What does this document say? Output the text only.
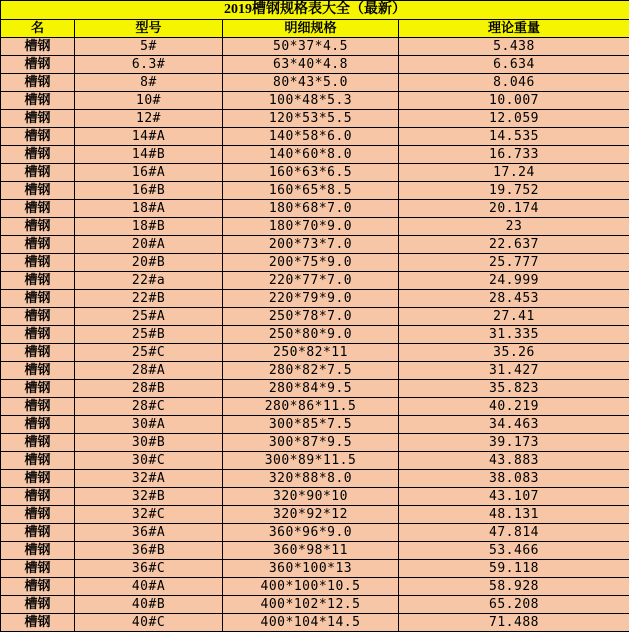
2019槽钢规格表大全（最新）			
名	型号	明细规格	理论重量
槽钢	5#	50*37*4.5	5.438
槽钢	6.3#	63*40*4.8	6.634
槽钢	8#	80*43*5.0	8.046
槽钢	10#	100*48*5.3	10.007
槽钢	12#	120*53*5.5	12.059
槽钢	14#A	140*58*6.0	14.535
槽钢	14#B	140*60*8.0	16.733
槽钢	16#A	160*63*6.5	17.24
槽钢	16#B	160*65*8.5	19.752
槽钢	18#A	180*68*7.0	20.174
槽钢	18#B	180*70*9.0	23
槽钢	20#A	200*73*7.0	22.637
槽钢	20#B	200*75*9.0	25.777
槽钢	22#a	220*77*7.0	24.999
槽钢	22#B	220*79*9.0	28.453
槽钢	25#A	250*78*7.0	27.41
槽钢	25#B	250*80*9.0	31.335
槽钢	25#C	250*82*11	35.26
槽钢	28#A	280*82*7.5	31.427
槽钢	28#B	280*84*9.5	35.823
槽钢	28#C	280*86*11.5	40.219
槽钢	30#A	300*85*7.5	34.463
槽钢	30#B	300*87*9.5	39.173
槽钢	30#C	300*89*11.5	43.883
槽钢	32#A	320*88*8.0	38.083
槽钢	32#B	320*90*10	43.107
槽钢	32#C	320*92*12	48.131
槽钢	36#A	360*96*9.0	47.814
槽钢	36#B	360*98*11	53.466
槽钢	36#C	360*100*13	59.118
槽钢	40#A	400*100*10.5	58.928
槽钢	40#B	400*102*12.5	65.208
槽钢	40#C	400*104*14.5	71.488
